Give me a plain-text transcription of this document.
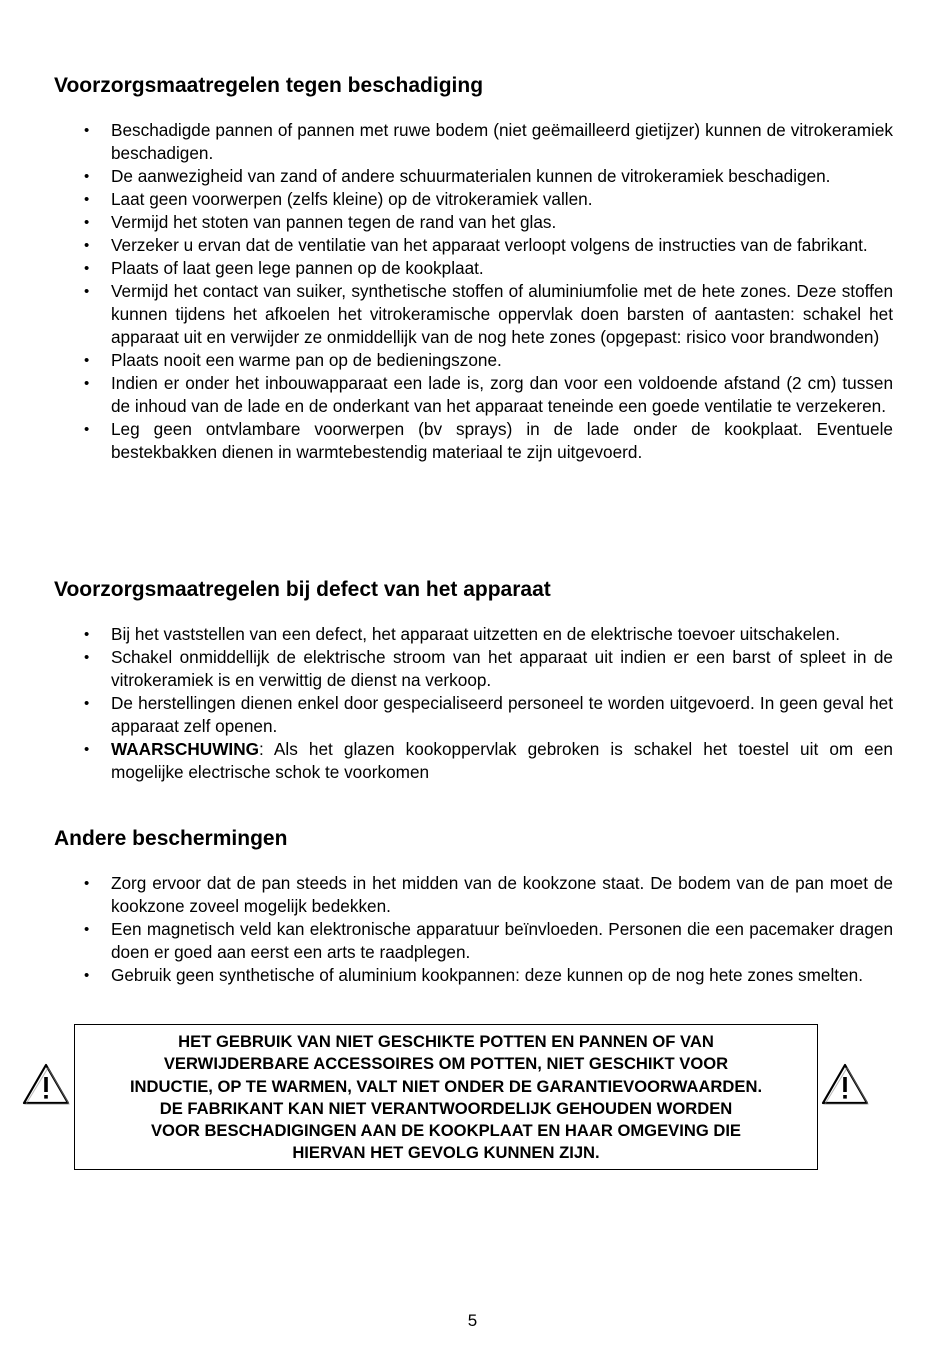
Voorzorgsmaatregelen tegen beschadiging
• Beschadigde pannen of pannen met ruwe bodem (niet geëmailleerd gietijzer) kunnen de vitrokeramiek beschadigen.
• De aanwezigheid van zand of andere schuurmaterialen kunnen de vitrokeramiek beschadigen.
• Laat geen voorwerpen (zelfs kleine) op de vitrokeramiek vallen.
• Vermijd het stoten van pannen tegen de rand van het glas.
• Verzeker u ervan dat de ventilatie van het apparaat verloopt volgens de instructies van de fabrikant.
• Plaats of laat geen lege pannen op de kookplaat.
• Vermijd het contact van suiker, synthetische stoffen of aluminiumfolie met de hete zones. Deze stoffen kunnen tijdens het afkoelen het vitrokeramische oppervlak doen barsten of aantasten: schakel het apparaat uit en verwijder ze onmiddellijk van de nog hete zones (opgepast: risico voor brandwonden)
• Plaats nooit een warme pan op de bedieningszone.
• Indien er onder het inbouwapparaat een lade is, zorg dan voor een voldoende afstand (2 cm) tussen de inhoud van de lade en de onderkant van het apparaat teneinde een goede ventilatie te verzekeren.
• Leg geen ontvlambare voorwerpen (bv sprays) in de lade onder de kookplaat. Eventuele bestekbakken dienen in warmtebestendig materiaal te zijn uitgevoerd.
Voorzorgsmaatregelen bij defect van het apparaat
• Bij het vaststellen van een defect, het apparaat uitzetten en de elektrische toevoer uitschakelen.
• Schakel onmiddellijk de elektrische stroom van het apparaat uit indien er een barst of spleet in de vitrokeramiek is en verwittig de dienst na verkoop.
• De herstellingen dienen enkel door gespecialiseerd personeel te worden uitgevoerd. In geen geval het apparaat zelf openen.
• WAARSCHUWING: Als het glazen kookoppervlak gebroken is schakel het toestel uit om een mogelijke electrische schok te voorkomen
Andere beschermingen
• Zorg ervoor dat de pan steeds in het midden van de kookzone staat. De bodem van de pan moet de kookzone zoveel mogelijk bedekken.
• Een magnetisch veld kan elektronische apparatuur beïnvloeden. Personen die een pacemaker dragen doen er goed aan eerst een arts te raadplegen.
• Gebruik geen synthetische of aluminium kookpannen: deze kunnen op de nog hete zones smelten.
HET GEBRUIK VAN NIET GESCHIKTE POTTEN EN PANNEN OF VAN
VERWIJDERBARE ACCESSOIRES OM POTTEN, NIET GESCHIKT VOOR
INDUCTIE, OP TE WARMEN, VALT NIET ONDER DE GARANTIEVOORWAARDEN.
DE FABRIKANT KAN NIET VERANTWOORDELIJK GEHOUDEN WORDEN
VOOR BESCHADIGINGEN AAN DE KOOKPLAAT EN HAAR OMGEVING DIE
HIERVAN HET GEVOLG KUNNEN ZIJN.
5
